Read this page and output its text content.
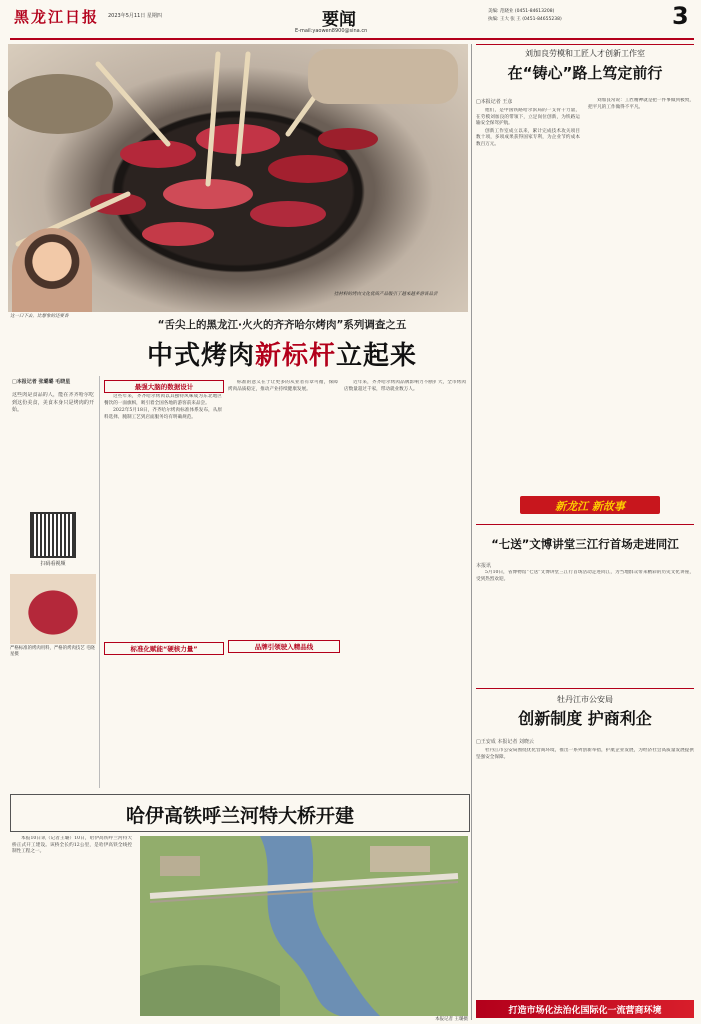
黑龙江日报 2023年5月11日 星期四	要闻
E-mail:yaowen8900@sina.cn
美编: 范晓业 (0451-84613208)
执编: 王大 张 王 (0451-84655238)	3
挂材料的烤肉文化优质产品吸引了越来越多游客品尝
这一口下去，比想象的还要香
“舌尖上的黑龙江·火火的齐齐哈尔烤肉”系列调查之五
中式烤肉新标杆立起来
□本报记者 张璐璐 毛晓星
这些肉是食品的人，能在齐齐哈尔吃到这份美食，美食本身只是烤肉的开始。
扫码看视频
严格标准的烤肉用料，严格的烤肉技艺 毛晓星摄
最强大脑的数据设计

这些年来，齐齐哈尔烤肉以其独特风味成为东北地区餐饮的一面旗帜，吸引着全国各地的游客前来品尝。

2022年5月18日，齐齐哈尔烤肉标准体系发布，从原料选择、腌制工艺到店面服务均有明确规范。

标准化赋能“硬核力量”

标准的意义在于让更多的从业者有章可循，保障烤肉品质稳定，推动产业持续健康发展。

品牌引领驶入精品线

近年来，齐齐哈尔烤肉品牌影响力不断扩大，全市烤肉店数量超过千家，带动就业数万人。

刘加良劳模和工匠人才创新工作室
在“铸心”路上笃定前行
□本报记者 王彦

他们，是中国铁路哈尔滨局的一支骨干力量，在劳模刘加良的带领下，立足岗位创新，为铁路运输安全保驾护航。

创新工作室成立以来，累计完成技术攻关项目数十项，多项成果获得国家专利，为企业节约成本数百万元。

刘加良常说：工匠精神就是把一件事做到极致，把平凡的工作做得不平凡。

新龙江 新故事
“七送”文博讲堂三江行首场走进同江
本报讯

5月10日，省博物馆“七送”文博讲堂三江行首场活动走进同江，为当地群众带来精彩的历史文化讲座，受到热烈欢迎。

牡丹江市公安局
创新制度 护商利企
□王安成 本报记者 刘晓云

牡丹江市公安局围绕优化营商环境，推出一系列创新举措，护航企业发展，为经济社会高质量发展提供坚强安全保障。

打造市场化法治化国际化一流营商环境
哈伊高铁呼兰河特大桥开建

本报10日讯（记者王璐）10日，哈伊高铁呼兰河特大桥正式开工建设。该桥全长约12公里，是哈伊高铁全线控制性工程之一。

本报记者 王璐摄
